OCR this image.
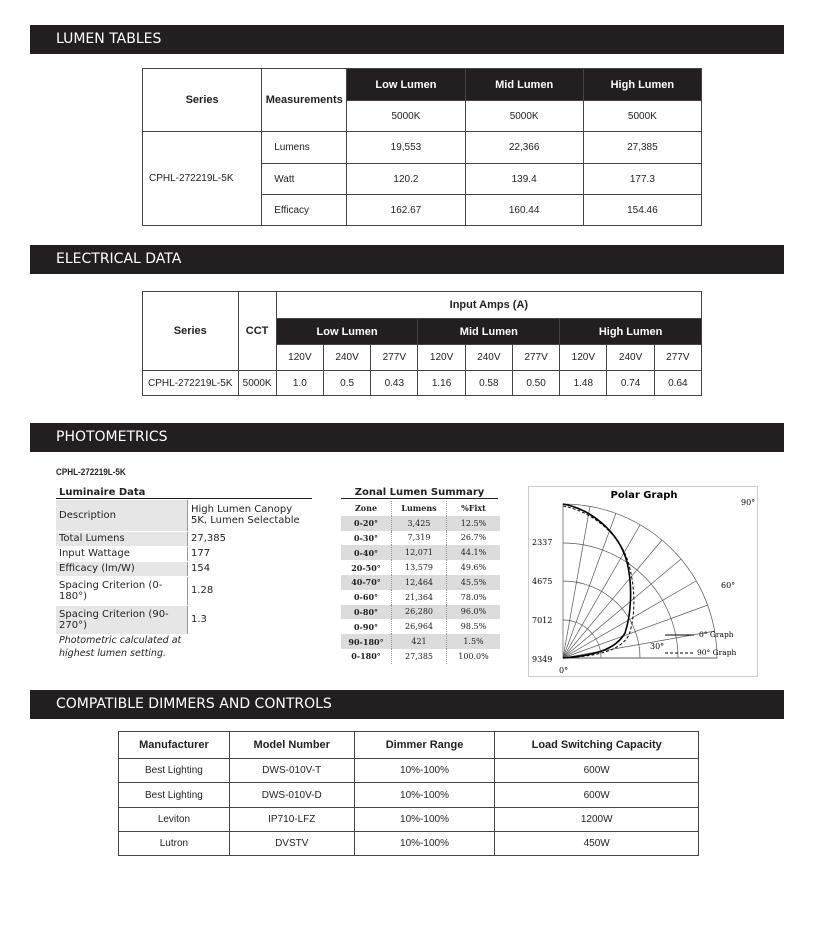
LUMEN TABLES
ELECTRICAL DATA
PHOTOMETRICS
COMPATIBLE DIMMERS AND CONTROLS
Series	Measurements	Low Lumen	Mid Lumen	High Lumen
		5000K	5000K	5000K
CPHL-272219L-5K	Lumens	19,553	22,366	27,385
	Watt	120.2	139.4	177.3
	Efficacy	162.67	160.44	154.46
Series	CCT	Input Amps (A)								
		Low Lumen			Mid Lumen			High Lumen		
		120V	240V	277V	120V	240V	277V	120V	240V	277V
CPHL-272219L-5K	5000K	1.0	0.5	0.43	1.16	0.58	0.50	1.48	0.74	0.64
CPHL-272219L-5K
Luminaire Data
Description	High Lumen Canopy 5K, Lumen Selectable
Total Lumens	27,385
Input Wattage	177
Efficacy (lm/W)	154
Spacing Criterion (0-180°)	1.28
Spacing Criterion (90-270°)	1.3
Photometric calculated at highest lumen setting.
Zonal Lumen Summary
Zone	Lumens	%Fixt
0-20°	3,425	12.5%
0-30°	7,319	26.7%
0-40°	12,071	44.1%
20-50°	13,579	49.6%
40-70°	12,464	45.5%
0-60°	21,364	78.0%
0-80°	26,280	96.0%
0-90°	26,964	98.5%
90-180°	421	1.5%
0-180°	27,385	100.0%
Polar Graph
90°
60°
30°
0°
2337
4675
7012
9349
0° Graph
90° Graph
Manufacturer	Model Number	Dimmer Range	Load Switching Capacity
Best Lighting	DWS-010V-T	10%-100%	600W
Best Lighting	DWS-010V-D	10%-100%	600W
Leviton	IP710-LFZ	10%-100%	1200W
Lutron	DVSTV	10%-100%	450W
